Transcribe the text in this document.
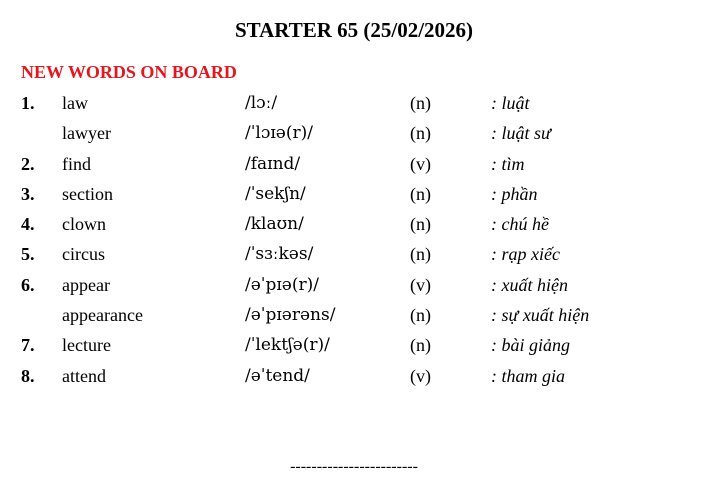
STARTER 65 (25/02/2026)
NEW WORDS ON BOARD
1. law	/lɔː/	(n)	: luật
lawyer	/ˈlɔɪə(r)/	(n)	: luật sư
2. find	/faɪnd/	(v)	: tìm
3. section	/ˈsekʃn/	(n)	: phần
4. clown	/klaʊn/	(n)	: chú hề
5. circus	/ˈsɜːkəs/	(n)	: rạp xiếc
6. appear	/əˈpɪə(r)/	(v)	: xuất hiện
appearance	/əˈpɪərəns/	(n)	: sự xuất hiện
7. lecture	/ˈlektʃə(r)/	(n)	: bài giảng
8. attend	/əˈtend/	(v)	: tham gia
------------------------
